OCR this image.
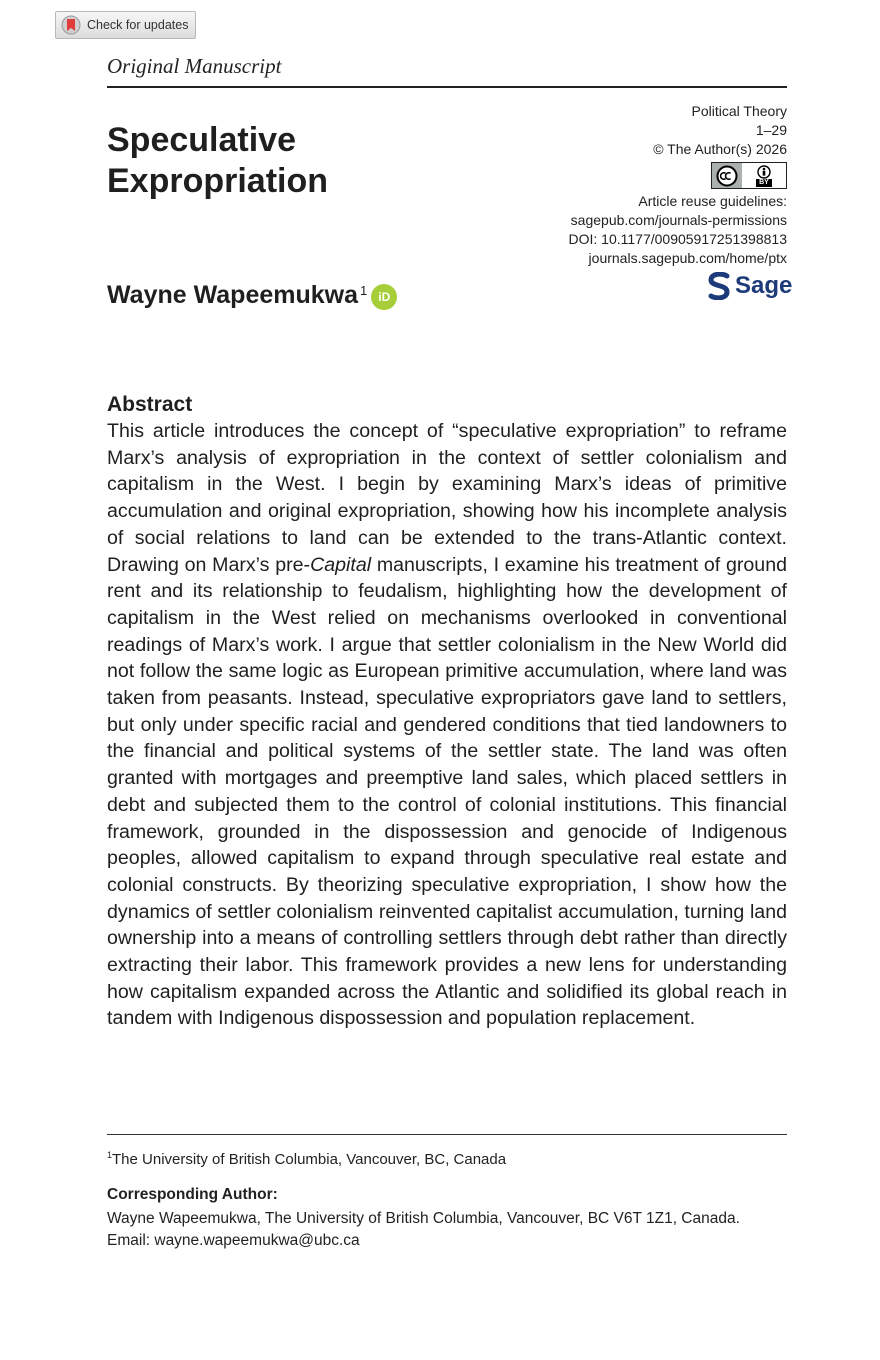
Check for updates
Original Manuscript
Speculative
Expropriation
Political Theory
1–29
© The Author(s) 2026
BY
Article reuse guidelines:
sagepub.com/journals-permissions
DOI: 10.1177/00905917251398813
journals.sagepub.com/home/ptx
Sage
Wayne Wapeemukwa$^1$ iD
Abstract

This article introduces the concept of “speculative expropriation” to reframe Marx’s analysis of expropriation in the context of settler colonialism and capitalism in the West. I begin by examining Marx’s ideas of primitive accumulation and original expropriation, showing how his incomplete analysis of social relations to land can be extended to the trans-Atlantic context. Drawing on Marx’s pre-Capital manuscripts, I examine his treatment of ground rent and its relationship to feudalism, highlighting how the development of capitalism in the West relied on mechanisms overlooked in conventional readings of Marx’s work. I argue that settler colonialism in the New World did not follow the same logic as European primitive accumulation, where land was taken from peasants. Instead, speculative expropriators gave land to settlers, but only under specific racial and gendered conditions that tied landowners to the financial and political systems of the settler state. The land was often granted with mortgages and preemptive land sales, which placed settlers in debt and subjected them to the control of colonial institutions. This financial framework, grounded in the dispossession and genocide of Indigenous peoples, allowed capitalism to expand through speculative real estate and colonial constructs. By theorizing speculative expropriation, I show how the dynamics of settler colonialism reinvented capitalist accumulation, turning land ownership into a means of controlling settlers through debt rather than directly extracting their labor. This framework provides a new lens for understanding how capitalism expanded across the Atlantic and solidified its global reach in tandem with Indigenous dispossession and population replacement.

$^1$The University of British Columbia, Vancouver, BC, Canada
Corresponding Author:
Wayne Wapeemukwa, The University of British Columbia, Vancouver, BC V6T 1Z1, Canada.
Email: wayne.wapeemukwa@ubc.ca
